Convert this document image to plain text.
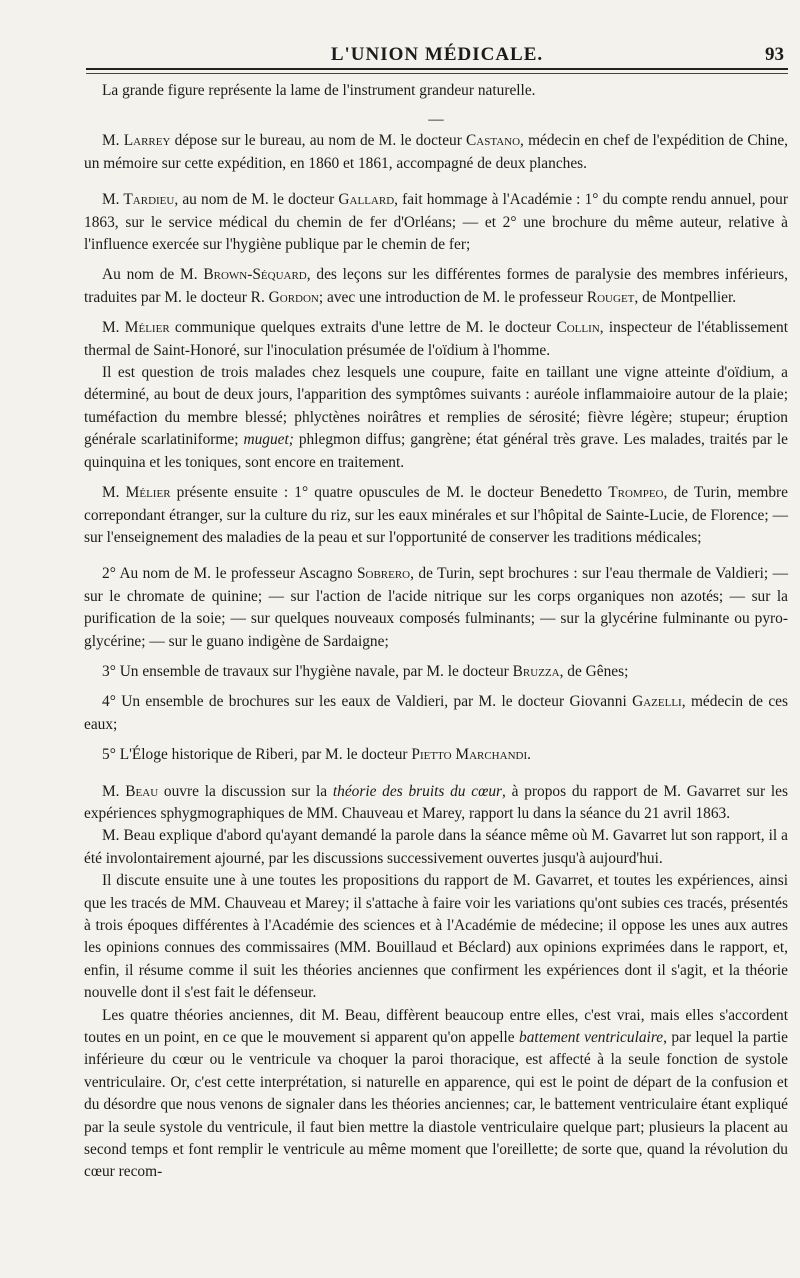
L'UNION MÉDICALE.	93

La grande figure représente la lame de l'instrument grandeur naturelle.

—

M. Larrey dépose sur le bureau, au nom de M. le docteur Castano, médecin en chef de l'expédition de Chine, un mémoire sur cette expédition, en 1860 et 1861, accompagné de deux planches.

M. Tardieu, au nom de M. le docteur Gallard, fait hommage à l'Académie : 1° du compte rendu annuel, pour 1863, sur le service médical du chemin de fer d'Orléans; — et 2° une brochure du même auteur, relative à l'influence exercée sur l'hygiène publique par le chemin de fer;

Au nom de M. Brown-Séquard, des leçons sur les différentes formes de paralysie des membres inférieurs, traduites par M. le docteur R. Gordon; avec une introduction de M. le professeur Rouget, de Montpellier.

M. Mélier communique quelques extraits d'une lettre de M. le docteur Collin, inspecteur de l'établissement thermal de Saint-Honoré, sur l'inoculation présumée de l'oïdium à l'homme.

Il est question de trois malades chez lesquels une coupure, faite en taillant une vigne atteinte d'oïdium, a déterminé, au bout de deux jours, l'apparition des symptômes suivants : auréole inflammaioire autour de la plaie; tuméfaction du membre blessé; phlyctènes noirâtres et remplies de sérosité; fièvre légère; stupeur; éruption générale scarlatiniforme; muguet; phlegmon diffus; gangrène; état général très grave. Les malades, traités par le quinquina et les toniques, sont encore en traitement.

M. Mélier présente ensuite : 1° quatre opuscules de M. le docteur Benedetto Trompeo, de Turin, membre correpondant étranger, sur la culture du riz, sur les eaux minérales et sur l'hôpital de Sainte-Lucie, de Florence; — sur l'enseignement des maladies de la peau et sur l'opportunité de conserver les traditions médicales;

2° Au nom de M. le professeur Ascagno Sobrero, de Turin, sept brochures : sur l'eau thermale de Valdieri; — sur le chromate de quinine; — sur l'action de l'acide nitrique sur les corps organiques non azotés; — sur la purification de la soie; — sur quelques nouveaux composés fulminants; — sur la glycérine fulminante ou pyro-glycérine; — sur le guano indigène de Sardaigne;

3° Un ensemble de travaux sur l'hygiène navale, par M. le docteur Bruzza, de Gênes;

4° Un ensemble de brochures sur les eaux de Valdieri, par M. le docteur Giovanni Gazelli, médecin de ces eaux;

5° L'Éloge historique de Riberi, par M. le docteur Pietto Marchandi.

M. Beau ouvre la discussion sur la théorie des bruits du cœur, à propos du rapport de M. Gavarret sur les expériences sphygmographiques de MM. Chauveau et Marey, rapport lu dans la séance du 21 avril 1863.

M. Beau explique d'abord qu'ayant demandé la parole dans la séance même où M. Gavarret lut son rapport, il a été involontairement ajourné, par les discussions successivement ouvertes jusqu'à aujourd'hui.

Il discute ensuite une à une toutes les propositions du rapport de M. Gavarret, et toutes les expériences, ainsi que les tracés de MM. Chauveau et Marey; il s'attache à faire voir les variations qu'ont subies ces tracés, présentés à trois époques différentes à l'Académie des sciences et à l'Académie de médecine; il oppose les unes aux autres les opinions connues des commissaires (MM. Bouillaud et Béclard) aux opinions exprimées dans le rapport, et, enfin, il résume comme il suit les théories anciennes que confirment les expériences dont il s'agit, et la théorie nouvelle dont il s'est fait le défenseur.

Les quatre théories anciennes, dit M. Beau, diffèrent beaucoup entre elles, c'est vrai, mais elles s'accordent toutes en un point, en ce que le mouvement si apparent qu'on appelle battement ventriculaire, par lequel la partie inférieure du cœur ou le ventricule va choquer la paroi thoracique, est affecté à la seule fonction de systole ventriculaire. Or, c'est cette interprétation, si naturelle en apparence, qui est le point de départ de la confusion et du désordre que nous venons de signaler dans les théories anciennes; car, le battement ventriculaire étant expliqué par la seule systole du ventricule, il faut bien mettre la diastole ventriculaire quelque part; plusieurs la placent au second temps et font remplir le ventricule au même moment que l'oreillette; de sorte que, quand la révolution du cœur recom-
